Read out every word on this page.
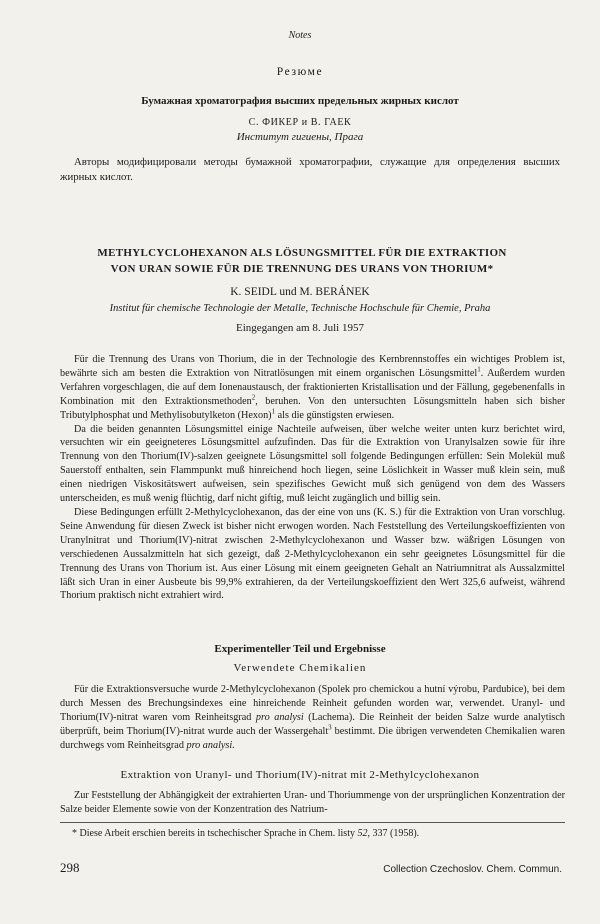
Notes
Резюме
Бумажная хроматография высших предельных жирных кислот
С. ФИКЕР и В. ГАЕК
Институт гигиены, Прага

Авторы модифицировали методы бумажной хроматографии, служащие для определения высших жирных кислот.

METHYLCYCLOHEXANON ALS LÖSUNGSMITTEL FÜR DIE EXTRAKTION
VON URAN SOWIE FÜR DIE TRENNUNG DES URANS VON THORIUM*
K. SEIDL und M. BERÁNEK
Institut für chemische Technologie der Metalle, Technische Hochschule für Chemie, Praha
Eingegangen am 8. Juli 1957

Für die Trennung des Urans von Thorium, die in der Technologie des Kernbrennstoffes ein wichtiges Problem ist, bewährte sich am besten die Extraktion von Nitratlösungen mit einem organischen Lösungsmittel$^1$. Außerdem wurden Verfahren vorgeschlagen, die auf dem Ionenaustausch, der fraktionierten Kristallisation und der Fällung, gegebenenfalls in Kombination mit den Extraktionsmethoden$^2$, beruhen. Von den untersuchten Lösungsmitteln haben sich bisher Tributylphosphat und Methylisobutylketon (Hexon)$^1$ als die günstigsten erwiesen.

Da die beiden genannten Lösungsmittel einige Nachteile aufweisen, über welche weiter unten kurz berichtet wird, versuchten wir ein geeigneteres Lösungsmittel aufzufinden. Das für die Extraktion von Uranylsalzen sowie für ihre Trennung von den Thorium(IV)-salzen geeignete Lösungsmittel soll folgende Bedingungen erfüllen: Sein Molekül muß Sauerstoff enthalten, sein Flammpunkt muß hinreichend hoch liegen, seine Löslichkeit in Wasser muß klein sein, muß einen niedrigen Viskositätswert aufweisen, sein spezifisches Gewicht muß sich genügend von dem des Wassers unterscheiden, es muß wenig flüchtig, darf nicht giftig, muß leicht zugänglich und billig sein.

Diese Bedingungen erfüllt 2-Methylcyclohexanon, das der eine von uns (K. S.) für die Extraktion von Uran vorschlug. Seine Anwendung für diesen Zweck ist bisher nicht erwogen worden. Nach Feststellung des Verteilungskoeffizienten von Uranylnitrat und Thorium(IV)-nitrat zwischen 2-Methylcyclohexanon und Wasser bzw. wäßrigen Lösungen von verschiedenen Aussalzmitteln hat sich gezeigt, daß 2-Methylcyclohexanon ein sehr geeignetes Lösungsmittel für die Trennung des Urans von Thorium ist. Aus einer Lösung mit einem geeigneten Gehalt an Natriumnitrat als Aussalzmittel läßt sich Uran in einer Ausbeute bis 99,9% extrahieren, da der Verteilungskoeffizient den Wert 325,6 aufweist, während Thorium praktisch nicht extrahiert wird.

Experimenteller Teil und Ergebnisse
Verwendete Chemikalien

Für die Extraktionsversuche wurde 2-Methylcyclohexanon (Spolek pro chemickou a hutní výrobu, Pardubice), bei dem durch Messen des Brechungsindexes eine hinreichende Reinheit gefunden worden war, verwendet. Uranyl- und Thorium(IV)-nitrat waren vom Reinheitsgrad pro analysi (Lachema). Die Reinheit der beiden Salze wurde analytisch überprüft, beim Thorium(IV)-nitrat wurde auch der Wassergehalt$^3$ bestimmt. Die übrigen verwendeten Chemikalien waren durchwegs vom Reinheitsgrad pro analysi.

Extraktion von Uranyl- und Thorium(IV)-nitrat mit 2-Methylcyclohexanon

Zur Feststellung der Abhängigkeit der extrahierten Uran- und Thoriummenge von der ursprünglichen Konzentration der Salze beider Elemente sowie von der Konzentration des Natrium-

* Diese Arbeit erschien bereits in tschechischer Sprache in Chem. listy 52, 337 (1958).
298	Collection Czechoslov. Chem. Commun.
